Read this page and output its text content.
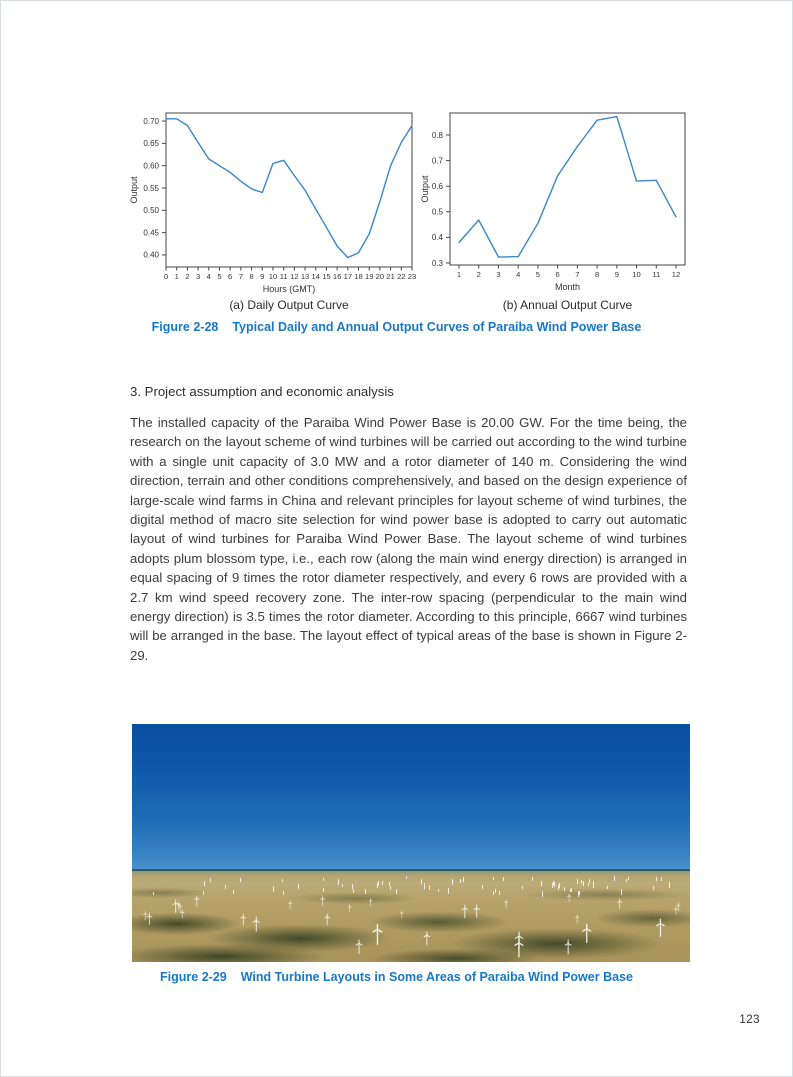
0.40
0.45
0.50
0.55
0.60
0.65
0.70
0 1 2 3 4 5 6 7 8 9 10 11 12 13 14 15 16 17 18 19 20 21 22 23
Hours (GMT)
Output
0.3
0.4
0.5
0.6
0.7
0.8
1 2 3 4 5 6 7 8 9 10 11 12
Month
Output
(a) Daily Output Curve	(b) Annual Output Curve
Figure 2-28 Typical Daily and Annual Output Curves of Paraiba Wind Power Base
3. Project assumption and economic analysis
The installed capacity of the Paraiba Wind Power Base is 20.00 GW. For the time being, the research on the layout scheme of wind turbines will be carried out according to the wind turbine with a single unit capacity of 3.0 MW and a rotor diameter of 140 m. Considering the wind direction, terrain and other conditions comprehensively, and based on the design experience of large-scale wind farms in China and relevant principles for layout scheme of wind turbines, the digital method of macro site selection for wind power base is adopted to carry out automatic layout of wind turbines for Paraiba Wind Power Base. The layout scheme of wind turbines adopts plum blossom type, i.e., each row (along the main wind energy direction) is arranged in equal spacing of 9 times the rotor diameter respectively, and every 6 rows are provided with a 2.7 km wind speed recovery zone. The inter-row spacing (perpendicular to the main wind energy direction) is 3.5 times the rotor diameter. According to this principle, 6667 wind turbines will be arranged in the base. The layout effect of typical areas of the base is shown in Figure 2-29.
Figure 2-29 Wind Turbine Layouts in Some Areas of Paraiba Wind Power Base
123
